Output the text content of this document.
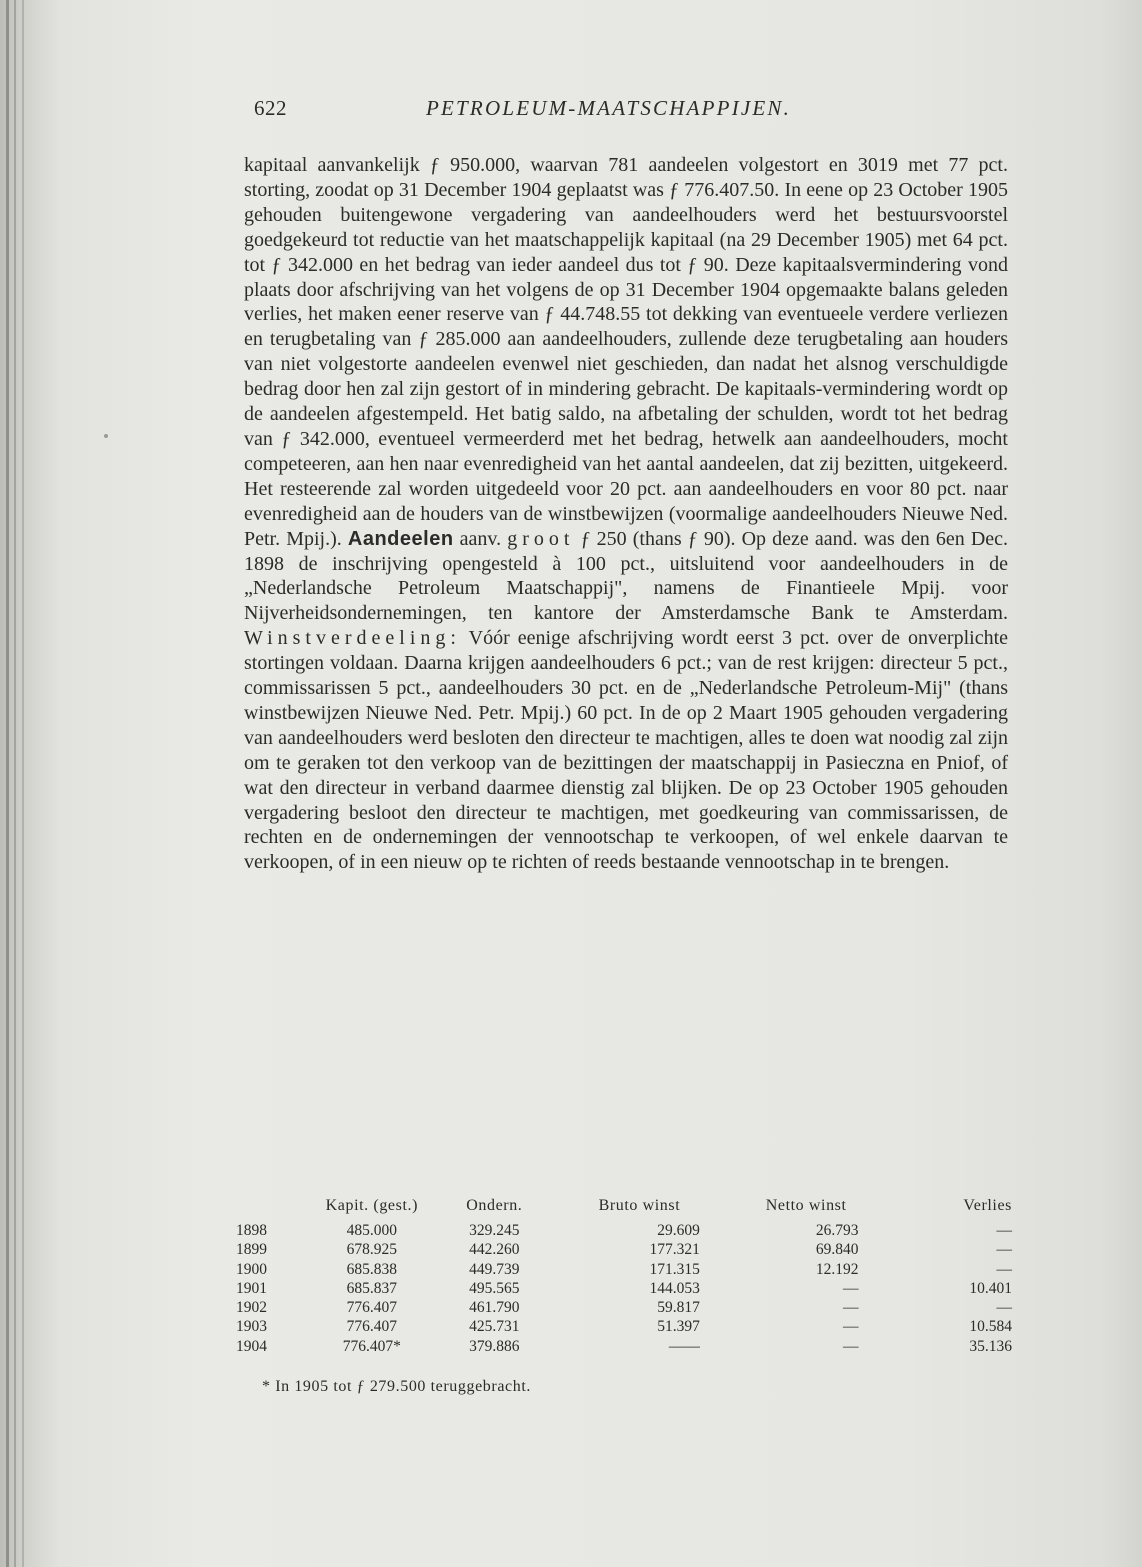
622	PETROLEUM-MAATSCHAPPIJEN.
kapitaal aanvankelijk ƒ 950.000, waarvan 781 aandeelen volgestort en 3019 met 77 pct. storting, zoodat op 31 December 1904 geplaatst was ƒ 776.407.50. In eene op 23 October 1905 gehouden buitengewone vergadering van aandeelhouders werd het bestuursvoorstel goedgekeurd tot reductie van het maatschappelijk kapitaal (na 29 December 1905) met 64 pct. tot ƒ 342.000 en het bedrag van ieder aandeel dus tot ƒ 90. Deze kapitaalsvermindering vond plaats door afschrijving van het volgens de op 31 December 1904 opgemaakte balans geleden verlies, het maken eener reserve van ƒ 44.748.55 tot dekking van eventueele verdere verliezen en terugbetaling van ƒ 285.000 aan aandeelhouders, zullende deze terugbetaling aan houders van niet volgestorte aandeelen evenwel niet geschieden, dan nadat het alsnog verschuldigde bedrag door hen zal zijn gestort of in mindering gebracht. De kapitaals-vermindering wordt op de aandeelen afgestempeld. Het batig saldo, na afbetaling der schulden, wordt tot het bedrag van ƒ 342.000, eventueel vermeerderd met het bedrag, hetwelk aan aandeelhouders, mocht competeeren, aan hen naar evenredigheid van het aantal aandeelen, dat zij bezitten, uitgekeerd. Het resteerende zal worden uitgedeeld voor 20 pct. aan aandeelhouders en voor 80 pct. naar evenredigheid aan de houders van de winstbewijzen (voormalige aandeelhouders Nieuwe Ned. Petr. Mpij.). Aandeelen aanv. groot ƒ 250 (thans ƒ 90). Op deze aand. was den 6en Dec. 1898 de inschrijving opengesteld à 100 pct., uitsluitend voor aandeelhouders in de „Nederlandsche Petroleum Maatschappij", namens de Finantieele Mpij. voor Nijverheidsondernemingen, ten kantore der Amsterdamsche Bank te Amsterdam. Winstverdeeling: Vóór eenige afschrijving wordt eerst 3 pct. over de onverplichte stortingen voldaan. Daarna krijgen aandeelhouders 6 pct.; van de rest krijgen: directeur 5 pct., commissarissen 5 pct., aandeelhouders 30 pct. en de „Nederlandsche Petroleum-Mij" (thans winstbewijzen Nieuwe Ned. Petr. Mpij.) 60 pct. In de op 2 Maart 1905 gehouden vergadering van aandeelhouders werd besloten den directeur te machtigen, alles te doen wat noodig zal zijn om te geraken tot den verkoop van de bezittingen der maatschappij in Pasieczna en Pniof, of wat den directeur in verband daarmee dienstig zal blijken. De op 23 October 1905 gehouden vergadering besloot den directeur te machtigen, met goedkeuring van commissarissen, de rechten en de ondernemingen der vennootschap te verkoopen, of wel enkele daarvan te verkoopen, of in een nieuw op te richten of reeds bestaande vennootschap in te brengen.
	Kapit. (gest.)	Ondern.	Bruto winst	Netto winst	Verlies
1898	485.000	329.245	29.609	26.793	—
1899	678.925	442.260	177.321	69.840	—
1900	685.838	449.739	171.315	12.192	—
1901	685.837	495.565	144.053	—	10.401
1902	776.407	461.790	59.817	—	—
1903	776.407	425.731	51.397	—	10.584
1904	776.407*	379.886	——	—	35.136
* In 1905 tot ƒ 279.500 teruggebracht.
